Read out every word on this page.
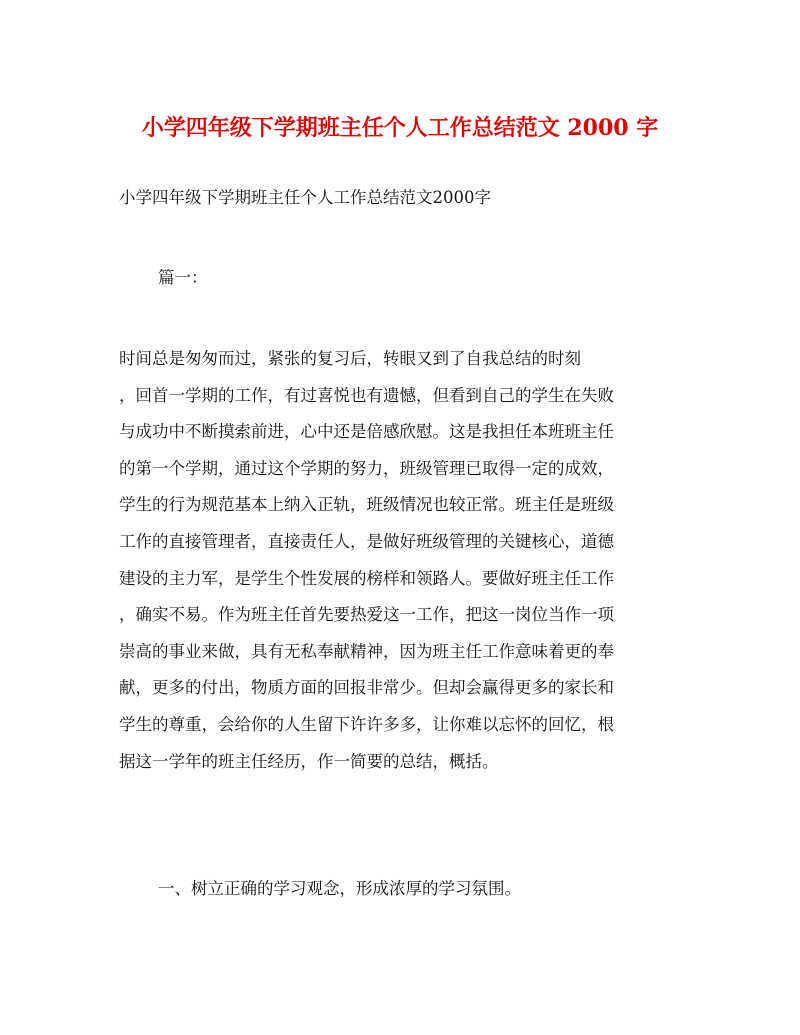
小学四年级下学期班主任个人工作总结范文 2000 字
小学四年级下学期班主任个人工作总结范文2000字
篇一：
时间总是匆匆而过，紧张的复习后，转眼又到了自我总结的时刻
，回首一学期的工作，有过喜悦也有遗憾，但看到自己的学生在失败
与成功中不断摸索前进，心中还是倍感欣慰。这是我担任本班班主任
的第一个学期，通过这个学期的努力，班级管理已取得一定的成效，
学生的行为规范基本上纳入正轨，班级情况也较正常。班主任是班级
工作的直接管理者，直接责任人，是做好班级管理的关键核心，道德
建设的主力军，是学生个性发展的榜样和领路人。要做好班主任工作
，确实不易。作为班主任首先要热爱这一工作，把这一岗位当作一项
崇高的事业来做，具有无私奉献精神，因为班主任工作意味着更的奉
献，更多的付出，物质方面的回报非常少。但却会赢得更多的家长和
学生的尊重，会给你的人生留下许许多多，让你难以忘怀的回忆，根
据这一学年的班主任经历，作一简要的总结，概括。
一、树立正确的学习观念，形成浓厚的学习氛围。
